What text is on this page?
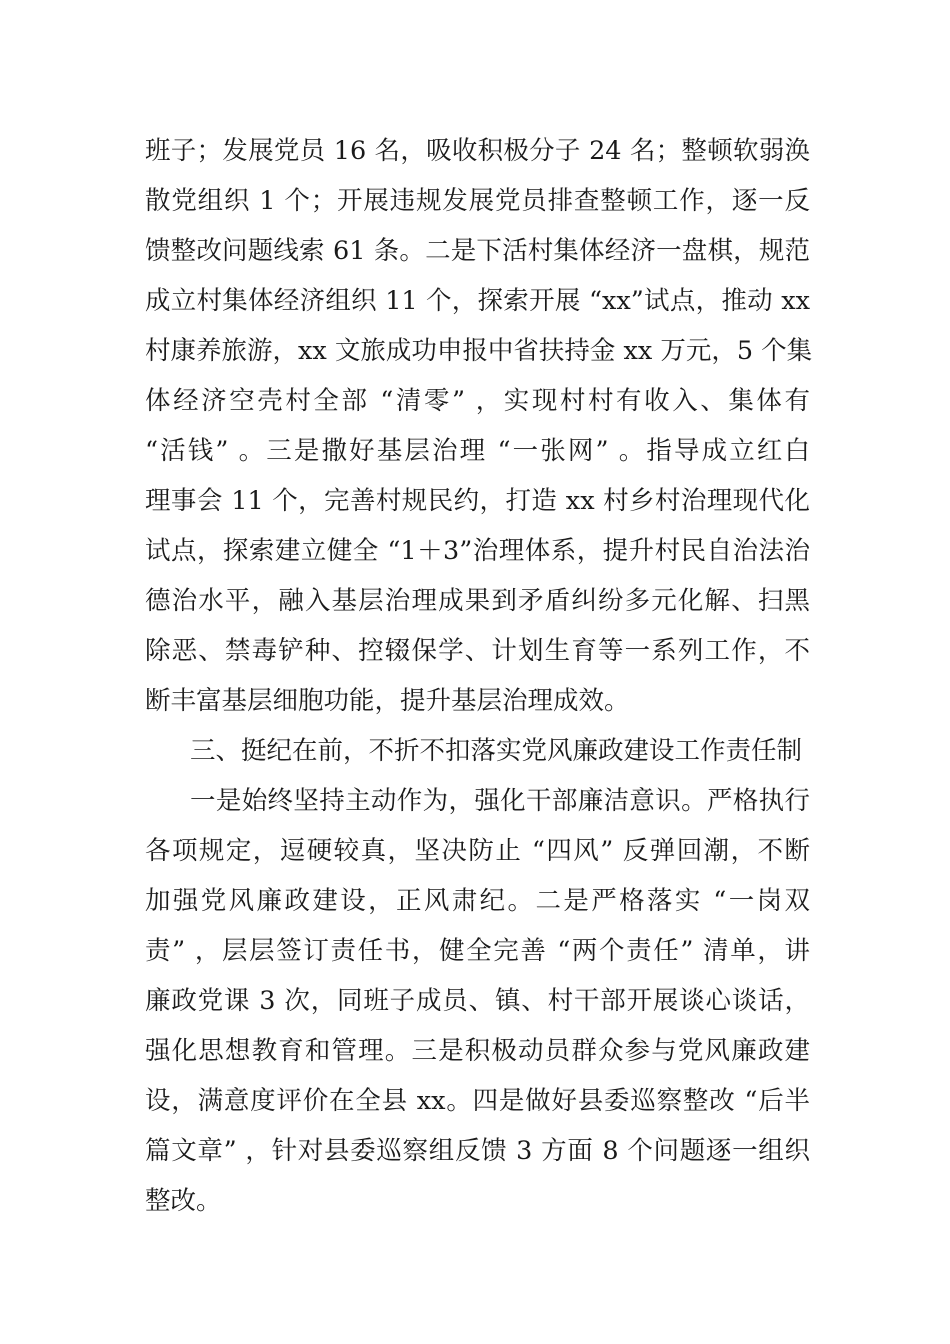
班子；发展党员 16 名，吸收积极分子 24 名；整顿软弱涣
散党组织 1 个；开展违规发展党员排查整顿工作，逐一反
馈整改问题线索 61 条。二是下活村集体经济一盘棋，规范
成立村集体经济组织 11 个，探索开展 “xx”试点，推动 xx
村康养旅游，xx 文旅成功申报中省扶持金 xx 万元，5 个集
体经济空壳村全部 “清零” ，实现村村有收入、集体有
“活钱” 。三是撒好基层治理 “一张网” 。指导成立红白
理事会 11 个，完善村规民约，打造 xx 村乡村治理现代化
试点，探索建立健全 “1＋3”治理体系，提升村民自治法治
德治水平，融入基层治理成果到矛盾纠纷多元化解、扫黑
除恶、禁毒铲种、控辍保学、计划生育等一系列工作，不
断丰富基层细胞功能，提升基层治理成效。
三、挺纪在前，不折不扣落实党风廉政建设工作责任制
一是始终坚持主动作为，强化干部廉洁意识。严格执行
各项规定，逗硬较真，坚决防止 “四风” 反弹回潮，不断
加强党风廉政建设，正风肃纪。二是严格落实 “一岗双
责” ，层层签订责任书，健全完善 “两个责任” 清单，讲
廉政党课 3 次，同班子成员、镇、村干部开展谈心谈话，
强化思想教育和管理。三是积极动员群众参与党风廉政建
设，满意度评价在全县 xx。四是做好县委巡察整改 “后半
篇文章” ，针对县委巡察组反馈 3 方面 8 个问题逐一组织
整改。
